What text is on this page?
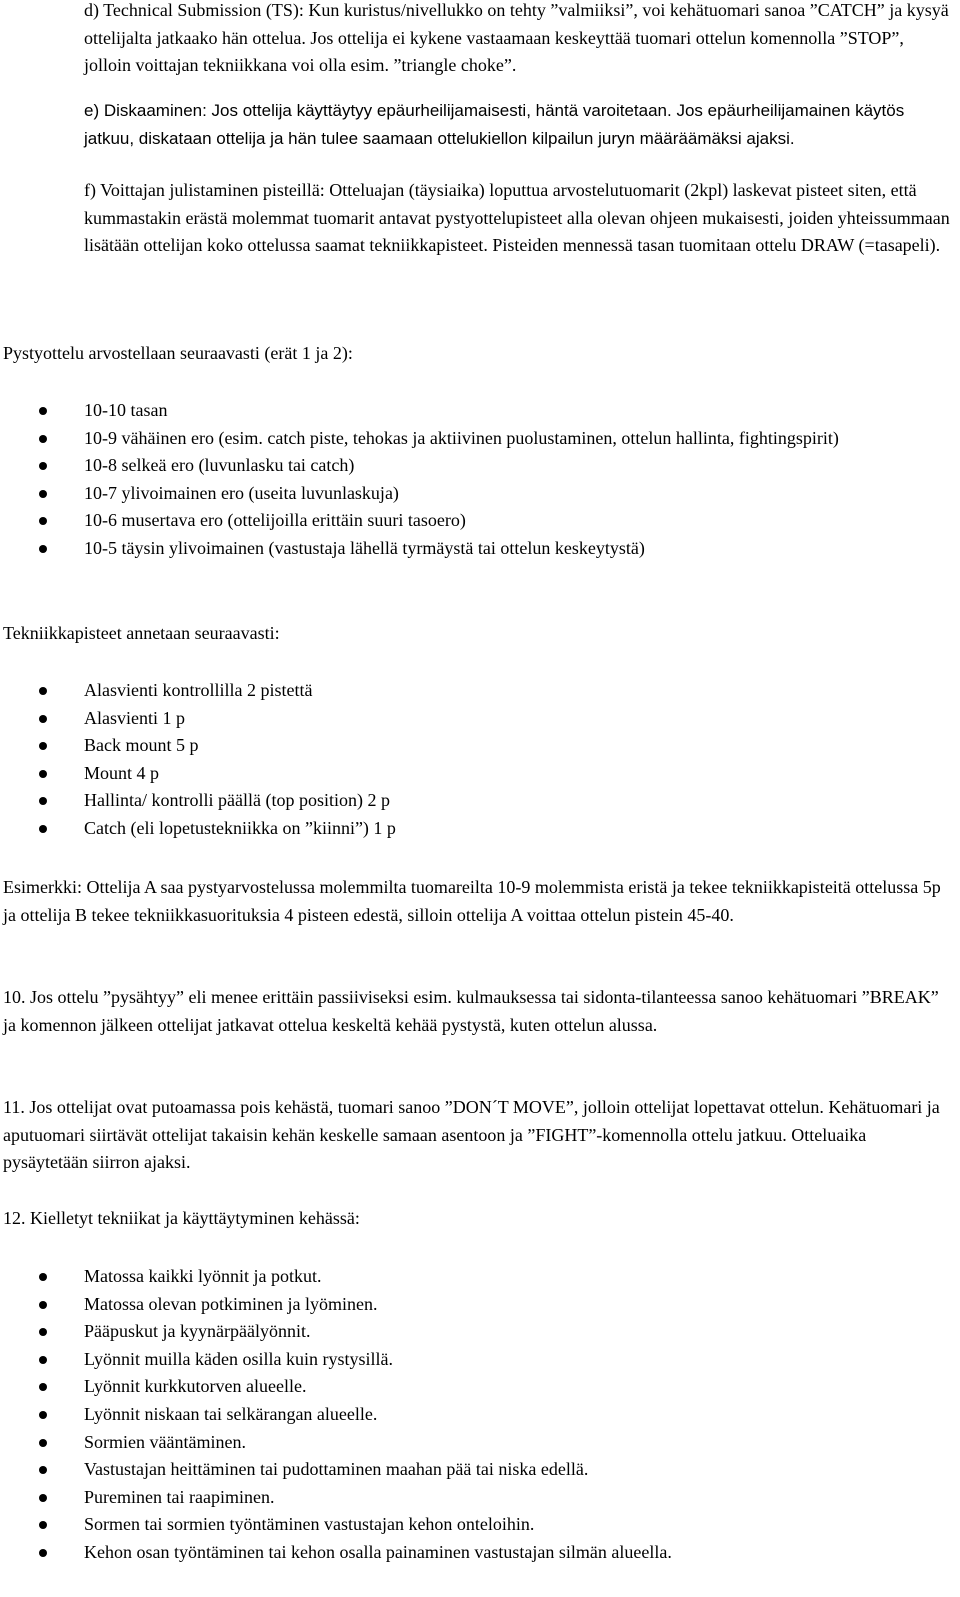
d) Technical Submission (TS): Kun kuristus/nivellukko on tehty ”valmiiksi”, voi kehätuomari sanoa ”CATCH” ja kysyä ottelijalta jatkaako hän ottelua. Jos ottelija ei kykene vastaamaan keskeyttää tuomari ottelun komennolla ”STOP”, jolloin voittajan tekniikkana voi olla esim. ”triangle choke”.

e) Diskaaminen: Jos ottelija käyttäytyy epäurheilijamaisesti, häntä varoitetaan. Jos epäurheilijamainen käytös jatkuu, diskataan ottelija ja hän tulee saamaan ottelukiellon kilpailun juryn määräämäksi ajaksi.

f) Voittajan julistaminen pisteillä: Otteluajan (täysiaika) loputtua arvostelutuomarit (2kpl) laskevat pisteet siten, että kummastakin erästä molemmat tuomarit antavat pystyottelupisteet alla olevan ohjeen mukaisesti, joiden yhteissummaan lisätään ottelijan koko ottelussa saamat tekniikkapisteet. Pisteiden mennessä tasan tuomitaan ottelu DRAW (=tasapeli).

Pystyottelu arvostellaan seuraavasti (erät 1 ja 2):

10-10 tasan
10-9 vähäinen ero (esim. catch piste, tehokas ja aktiivinen puolustaminen, ottelun hallinta, fightingspirit)
10-8 selkeä ero (luvunlasku tai catch)
10-7 ylivoimainen ero (useita luvunlaskuja)
10-6 musertava ero (ottelijoilla erittäin suuri tasoero)
10-5 täysin ylivoimainen (vastustaja lähellä tyrmäystä tai ottelun keskeytystä)

Tekniikkapisteet annetaan seuraavasti:

Alasvienti kontrollilla 2 pistettä
Alasvienti 1 p
Back mount 5 p
Mount 4 p
Hallinta/ kontrolli päällä (top position) 2 p
Catch (eli lopetustekniikka on ”kiinni”) 1 p

Esimerkki: Ottelija A saa pystyarvostelussa molemmilta tuomareilta 10-9 molemmista eristä ja tekee tekniikkapisteitä ottelussa 5p ja ottelija B tekee tekniikkasuorituksia 4 pisteen edestä, silloin ottelija A voittaa ottelun pistein 45-40.

10. Jos ottelu ”pysähtyy” eli menee erittäin passiiviseksi esim. kulmauksessa tai sidonta-tilanteessa sanoo kehätuomari ”BREAK” ja komennon jälkeen ottelijat jatkavat ottelua keskeltä kehää pystystä, kuten ottelun alussa.

11. Jos ottelijat ovat putoamassa pois kehästä, tuomari sanoo ”DON´T MOVE”, jolloin ottelijat lopettavat ottelun. Kehätuomari ja aputuomari siirtävät ottelijat takaisin kehän keskelle samaan asentoon ja ”FIGHT”-komennolla ottelu jatkuu. Otteluaika pysäytetään siirron ajaksi.

12. Kielletyt tekniikat ja käyttäytyminen kehässä:

Matossa kaikki lyönnit ja potkut.
Matossa olevan potkiminen ja lyöminen.
Pääpuskut ja kyynärpäälyönnit.
Lyönnit muilla käden osilla kuin rystysillä.
Lyönnit kurkkutorven alueelle.
Lyönnit niskaan tai selkärangan alueelle.
Sormien vääntäminen.
Vastustajan heittäminen tai pudottaminen maahan pää tai niska edellä.
Pureminen tai raapiminen.
Sormen tai sormien työntäminen vastustajan kehon onteloihin.
Kehon osan työntäminen tai kehon osalla painaminen vastustajan silmän alueella.
